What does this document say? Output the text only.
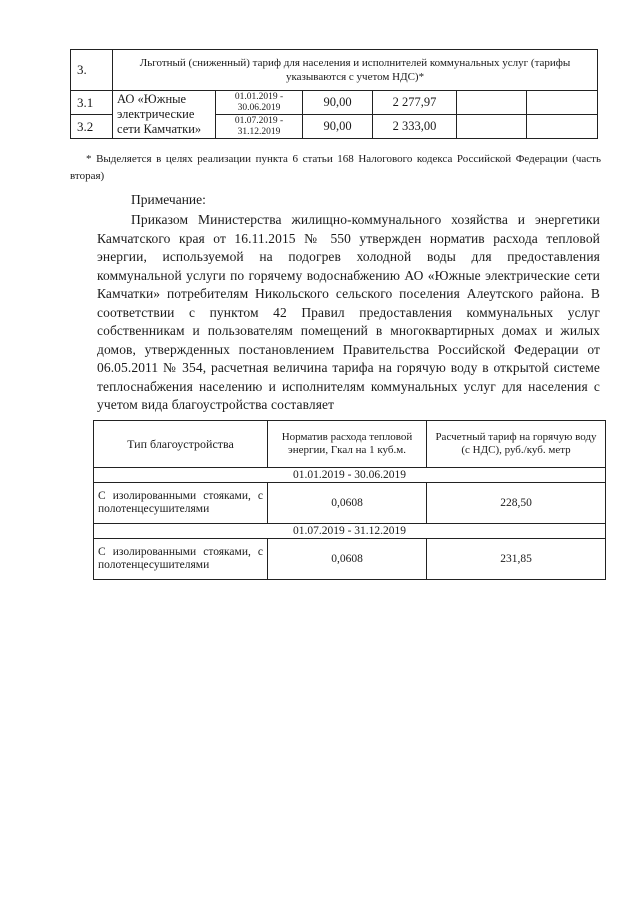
3.	Льготный (сниженный) тариф для населения и исполнителей коммунальных услуг (тарифы указываются с учетом НДС)*					
3.1	АО «Южные электрические сети Камчатки»	01.01.2019 - 30.06.2019	90,00	2 277,97		
3.2		01.07.2019 - 31.12.2019	90,00	2 333,00		
* Выделяется в целях реализации пункта 6 статьи 168 Налогового кодекса Российской Федерации (часть вторая)
Примечание:
Приказом Министерства жилищно-коммунального хозяйства и энергетики Камчатского края от 16.11.2015 № 550 утвержден норматив расхода тепловой энергии, используемой на подогрев холодной воды для предоставления коммунальной услуги по горячему водоснабжению АО «Южные электрические сети Камчатки» потребителям Никольского сельского поселения Алеутского района. В соответствии с пунктом 42 Правил предоставления коммунальных услуг собственникам и пользователям помещений в многоквартирных домах и жилых домов, утвержденных постановлением Правительства Российской Федерации от 06.05.2011 № 354, расчетная величина тарифа на горячую воду в открытой системе теплоснабжения населению и исполнителям коммунальных услуг для населения с учетом вида благоустройства составляет
Тип благоустройства	Норматив расхода тепловой энергии, Гкал на 1 куб.м.	Расчетный тариф на горячую воду (с НДС), руб./куб. метр
01.01.2019 - 30.06.2019		
С изолированными стояками, с полотенцесушителями	0,0608	228,50
01.07.2019 - 31.12.2019		
С изолированными стояками, с полотенцесушителями	0,0608	231,85
